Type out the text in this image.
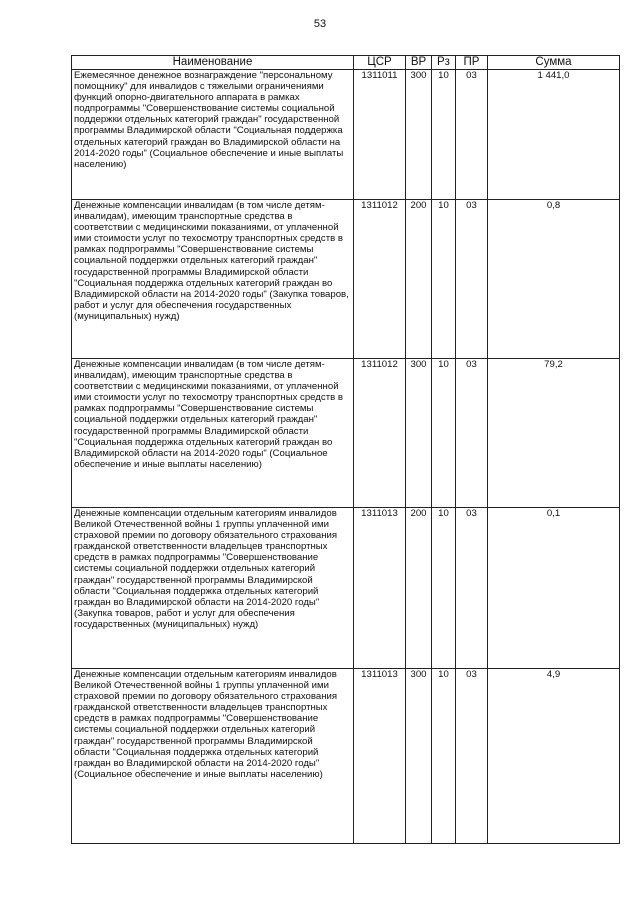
53
Наименование	ЦСР	ВР	Рз	ПР	Сумма
Ежемесячное денежное вознаграждение "персональному помощнику" для инвалидов с тяжелыми ограничениями функций опорно-двигательного аппарата в рамках подпрограммы "Совершенствование системы социальной поддержки отдельных категорий граждан" государственной программы Владимирской области "Социальная поддержка отдельных категорий граждан во Владимирской области на 2014-2020 годы" (Социальное обеспечение и иные выплаты населению)	1311011	300	10	03	1 441,0
Денежные компенсации инвалидам (в том числе детям-инвалидам), имеющим транспортные средства в соответствии с медицинскими показаниями, от уплаченной ими стоимости услуг по техосмотру транспортных средств в рамках подпрограммы "Совершенствование системы социальной поддержки отдельных категорий граждан" государственной программы Владимирской области "Социальная поддержка отдельных категорий граждан во Владимирской области на 2014-2020 годы" (Закупка товаров, работ и услуг для обеспечения государственных (муниципальных) нужд)	1311012	200	10	03	0,8
Денежные компенсации инвалидам (в том числе детям-инвалидам), имеющим транспортные средства в соответствии с медицинскими показаниями, от уплаченной ими стоимости услуг по техосмотру транспортных средств в рамках подпрограммы "Совершенствование системы социальной поддержки отдельных категорий граждан" государственной программы Владимирской области "Социальная поддержка отдельных категорий граждан во Владимирской области на 2014-2020 годы" (Социальное обеспечение и иные выплаты населению)	1311012	300	10	03	79,2
Денежные компенсации отдельным категориям инвалидов Великой Отечественной войны 1 группы уплаченной ими страховой премии по договору обязательного страхования гражданской ответственности владельцев транспортных средств в рамках подпрограммы "Совершенствование системы социальной поддержки отдельных категорий граждан" государственной программы Владимирской области "Социальная поддержка отдельных категорий граждан во Владимирской области на 2014-2020 годы" (Закупка товаров, работ и услуг для обеспечения государственных (муниципальных) нужд)	1311013	200	10	03	0,1
Денежные компенсации отдельным категориям инвалидов Великой Отечественной войны 1 группы уплаченной ими страховой премии по договору обязательного страхования гражданской ответственности владельцев транспортных средств в рамках подпрограммы "Совершенствование системы социальной поддержки отдельных категорий граждан" государственной программы Владимирской области "Социальная поддержка отдельных категорий граждан во Владимирской области на 2014-2020 годы" (Социальное обеспечение и иные выплаты населению)	1311013	300	10	03	4,9
